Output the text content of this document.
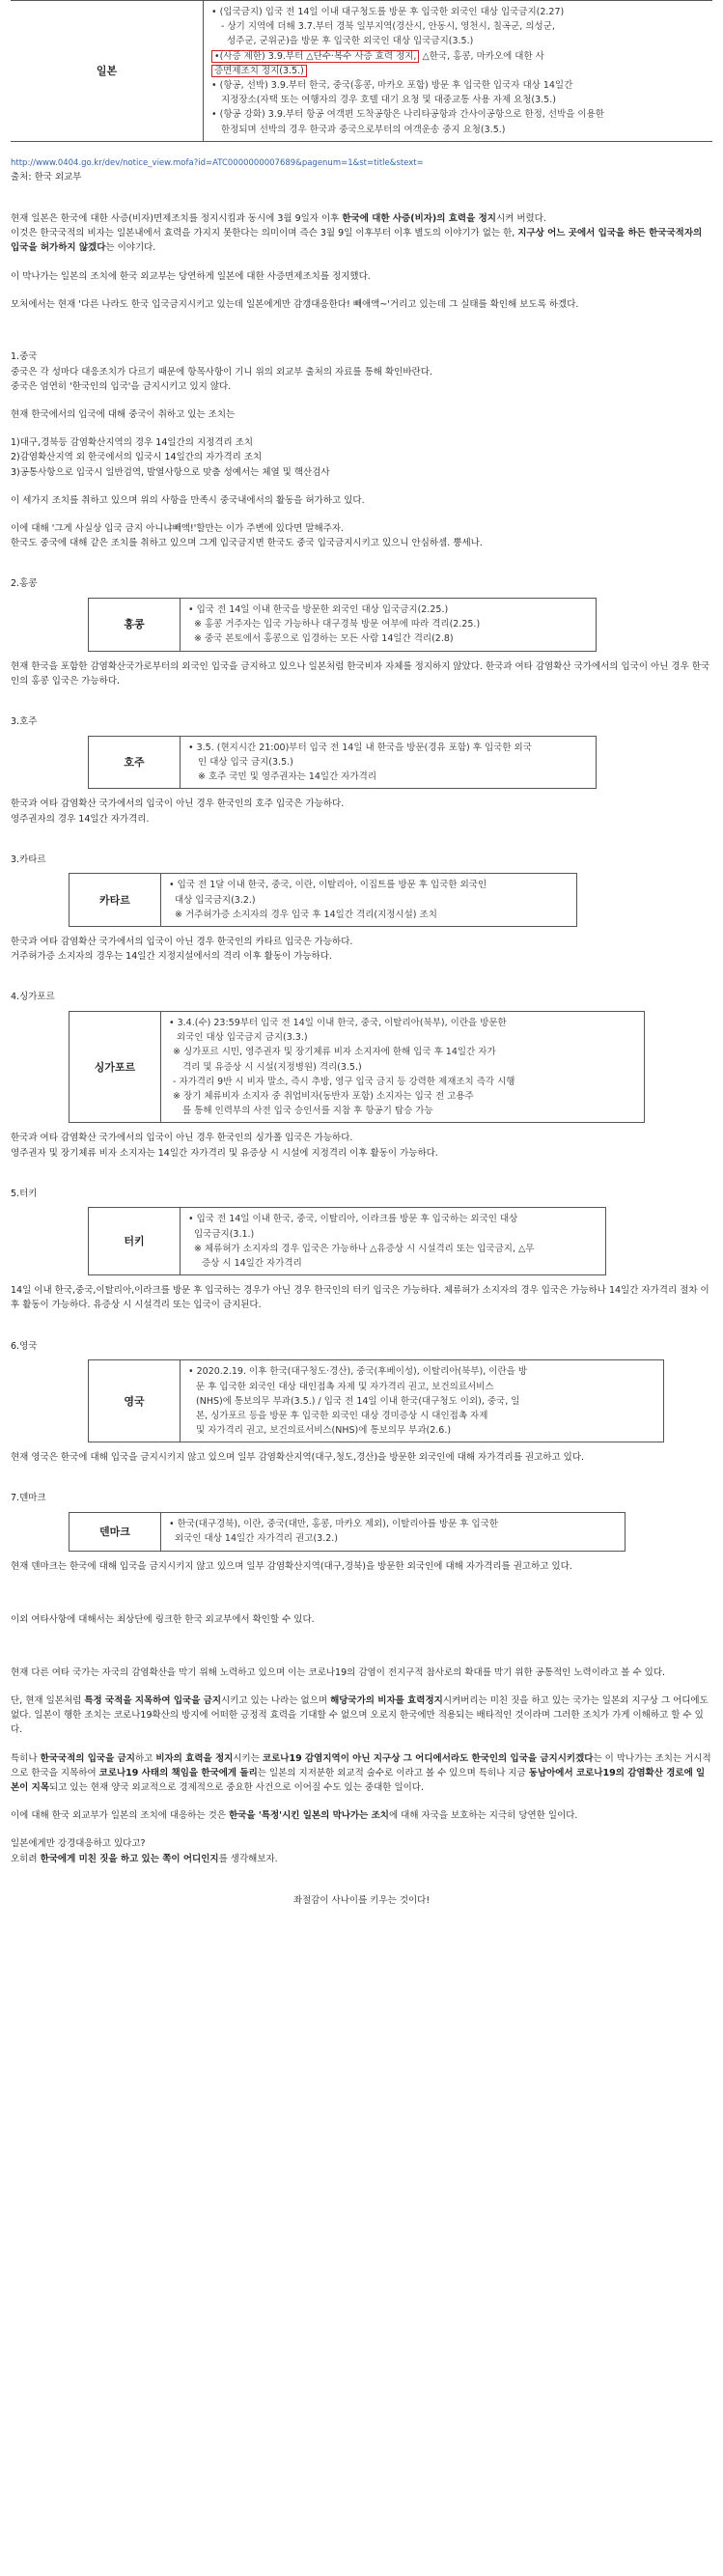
일본
• (입국금지) 입국 전 14일 이내 대구청도를 방문 후 입국한 외국인 대상 입국금지(2.27)
- 상기 지역에 더해 3.7.부터 경북 일부지역(경산시, 안동시, 영천시, 칠곡군, 의성군,
성주군, 군위군)을 방문 후 입국한 외국인 대상 입국금지(3.5.)
•(사증 제한) 3.9.부터 △단수·복수 사증 효력 정지, △한국, 홍콩, 마카오에 대한 사
증면제조치 정지(3.5.)
• (항공, 선박) 3.9.부터 한국, 중국(홍콩, 마카오 포함) 방문 후 입국한 입국자 대상 14일간
지정장소(자택 또는 여행자의 경우 호텔 대기 요청 및 대중교통 사용 자제 요청(3.5.)
• (항공 강화) 3.9.부터 항공 여객편 도착공항은 나리타공항과 간사이공항으로 한정, 선박을 이용한
한정되며 선박의 경우 한국과 중국으로부터의 여객운송 중지 요청(3.5.)
http://www.0404.go.kr/dev/notice_view.mofa?id=ATC0000000007689&pagenum=1&st=title&stext=

출처: 한국 외교부

현재 일본은 한국에 대한 사증(비자)면제조치를 정지시킴과 동시에 3월 9일자 이후 한국에 대한 사증(비자)의 효력을 정지시켜 버렸다.

이것은 한국국적의 비자는 일본내에서 효력을 가지지 못한다는 의미이며 즉슨 3월 9일 이후부터 이후 별도의 이야기가 없는 한, 지구상 어느 곳에서 입국을 하든 한국국적자의 입국을 허가하지 않겠다는 이야기다.

이 막나가는 일본의 조치에 한국 외교부는 당연하게 일본에 대한 사증면제조치를 정지했다.

모처에서는 현재 '다른 나라도 한국 입국금지시키고 있는데 일본에게만 감갱대응한다! 빼애액~'거리고 있는데 그 실태를 확인해 보도록 하겠다.

1.중국

중국은 각 성마다 대응조치가 다르기 때문에 항목사항이 기니 위의 외교부 출처의 자료를 통해 확인바란다.

중국은 엄연히 '한국인의 입국'을 금지시키고 있지 않다.

현재 한국에서의 입국에 대해 중국이 취하고 있는 조치는

1)대구,경북등 감염확산지역의 경우 14일간의 지정격리 조치

2)감염확산지역 외 한국에서의 입국시 14일간의 자가격리 조치

3)공통사항으로 입국시 일반검역, 발열사항으로 맞춤 성예서는 체열 및 핵산검사

이 세가지 조치를 취하고 있으며 위의 사항을 만족시 중국내에서의 활동을 허가하고 있다.

이에 대해 '그게 사실상 입국 금지 아니냐빼액!'할만는 이가 주변에 있다면 말해주자.

한국도 중국에 대해 같은 조치를 취하고 있으며 그게 입국금지면 한국도 중국 입국금지시키고 있으니 안심하셈. 뿡세나.

2.홍콩

홍콩
• 입국 전 14일 이내 한국을 방문한 외국인 대상 입국금지(2.25.)
※ 홍콩 거주자는 입국 가능하나 대구경북 방문 여부에 따라 격리(2.25.)
※ 중국 본토에서 홍콩으로 입경하는 모든 사람 14일간 격리(2.8)

현재 한국을 포함한 감염확산국가로부터의 외국인 입국을 금지하고 있으나 일본처럼 한국비자 자체를 정지하지 않았다. 한국과 여타 감염확산 국가에서의 입국이 아닌 경우 한국인의 홍콩 입국은 가능하다.

3.호주

호주
• 3.5. (현지시간 21:00)부터 입국 전 14일 내 한국을 방문(경유 포함) 후 입국한 외국
인 대상 입국 금지(3.5.)
※ 호주 국민 및 영주권자는 14일간 자가격리

한국과 여타 감염확산 국가에서의 입국이 아닌 경우 한국인의 호주 입국은 가능하다.

영주권자의 경우 14일간 자가격리.

3.카타르

카타르
• 입국 전 1달 이내 한국, 중국, 이란, 이탈리아, 이집트를 방문 후 입국한 외국인
대상 입국금지(3.2.)
※ 거주허가증 소지자의 경우 입국 후 14일간 격리(지정시설) 조치

한국과 여타 감염확산 국가에서의 입국이 아닌 경우 한국인의 카타르 입국은 가능하다.

거주허가증 소지자의 경우는 14일간 지정지설에서의 격리 이후 활동이 가능하다.

4.싱가포르

싱가포르
• 3.4.(수) 23:59부터 입국 전 14일 이내 한국, 중국, 이탈리아(북부), 이란을 방문한
외국인 대상 입국금지 금지(3.3.)
※ 싱가포르 시민, 영주권자 및 장기체류 비자 소지자에 한해 입국 후 14일간 자가
격리 및 유증상 시 시설(지정병원) 격리(3.5.)
- 자가격리 9반 시 비자 말소, 즉시 추방, 영구 입국 금지 등 강력한 제재조치 즉각 시행
※ 장기 체류비자 소지자 중 취업비자(동반자 포함) 소지자는 입국 전 고용주
를 통해 인력부의 사전 입국 승인서를 지참 후 항공기 탑승 가능

한국과 여타 감염확산 국가에서의 입국이 아닌 경우 한국인의 싱가폴 입국은 가능하다.

영주권자 및 장기체류 비자 소지자는 14일간 자가격리 및 유증상 시 시설에 지정격리 이후 활동이 가능하다.

5.터키

터키
• 입국 전 14일 이내 한국, 중국, 이탈리아, 이라크를 방문 후 입국하는 외국인 대상
입국금지(3.1.)
※ 체류허가 소지자의 경우 입국은 가능하나 △유증상 시 시설격리 또는 입국금지, △무
증상 시 14일간 자가격리

14일 이내 한국,중국,이탈리아,이라크를 방문 후 입국하는 경우가 아닌 경우 한국인의 터키 입국은 가능하다. 체류허가 소지자의 경우 입국은 가능하나 14일간 자가격리 절차 이후 활동이 가능하다. 유증상 시 시설격리 또는 입국이 금지된다.

6.영국

영국
• 2020.2.19. 이후 한국(대구청도·경산), 중국(후베이성), 이탈리아(북부), 이란을 방
문 후 입국한 외국인 대상 대인접촉 자제 및 자가격리 권고, 보건의료서비스
(NHS)에 통보의무 부과(3.5.) / 입국 전 14일 이내 한국(대구청도 이외), 중국, 일
본, 싱가포르 등을 방문 후 입국한 외국인 대상 경미증상 시 대인접촉 자제
및 자가격리 권고, 보건의료서비스(NHS)에 통보의무 부과(2.6.)

현재 영국은 한국에 대해 입국을 금지시키지 않고 있으며 일부 감염확산지역(대구,청도,경산)을 방문한 외국인에 대해 자가격리를 권고하고 있다.

7.덴마크

덴마크
• 한국(대구경북), 이란, 중국(대만, 홍콩, 마카오 제외), 이탈리아를 방문 후 입국한
외국인 대상 14일간 자가격리 권고(3.2.)

현재 덴마크는 한국에 대해 입국을 금지시키지 않고 있으며 일부 감염확산지역(대구,경북)을 방문한 외국인에 대해 자가격리를 권고하고 있다.

이외 여타사항에 대해서는 최상단에 링크한 한국 외교부에서 확인할 수 있다.

현재 다른 여타 국가는 자국의 감염확산을 막기 위해 노력하고 있으며 이는 코로나19의 감염이 전지구적 참사로의 확대를 막기 위한 공통적인 노력이라고 볼 수 있다.

단, 현재 일본처럼 특정 국적을 지목하여 입국을 금지시키고 있는 나라는 없으며 해당국가의 비자를 효력정지시켜버리는 미친 짓을 하고 있는 국가는 일본외 지구상 그 어디에도 없다. 일본이 행한 조치는 코로나19확산의 방지에 어떠한 긍정적 효력을 기대할 수 없으며 오로지 한국에만 적용되는 배타적인 것이라며 그러한 조치가 가게 이해하고 할 수 있다.

특히나 한국국적의 입국을 금지하고 비자의 효력을 정지시키는 코로나19 감염지역이 아닌 지구상 그 어디에서라도 한국인의 입국을 금지시키겠다는 이 막나가는 조치는 거시적으로 한국을 지목하여 코로나19 사태의 책임을 한국에게 돌리는 일본의 지저분한 외교적 술수로 이라고 볼 수 있으며 특히나 지금 동남아에서 코로나19의 감염확산 경로에 일본이 지목되고 있는 현재 양국 외교적으로 경제적으로 중요한 사건으로 이어질 수도 있는 중대한 일이다.

이에 대해 한국 외교부가 일본의 조치에 대응하는 것은 한국을 '특정'시킨 일본의 막나가는 조치에 대해 자국을 보호하는 지극히 당연한 일이다.

일본에게만 강경대응하고 있다고?

오히려 한국에게 미친 짓을 하고 있는 쪽이 어디인지를 생각해보자.

좌절감이 사나이를 키우는 것이다!
